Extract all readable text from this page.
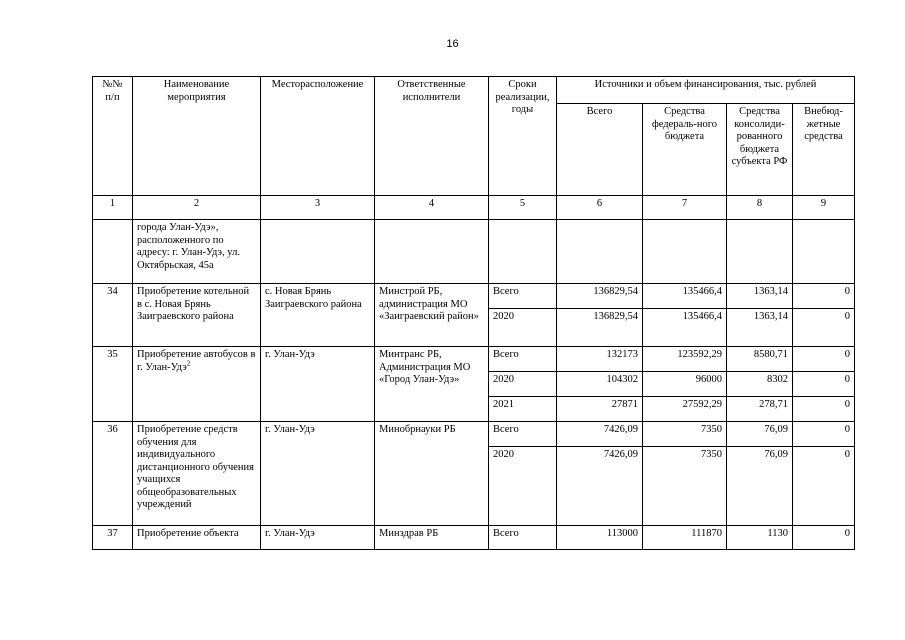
16
№№ п/п	Наименование мероприятия	Месторасположение	Ответственные исполнители	Сроки реализации, годы	Источники и объем финансирования, тыс. рублей			
					Всего	Средства федераль-ного бюджета	Средства консолиди-рованного бюджета субъекта РФ	Внебюд-жетные средства
1	2	3	4	5	6	7	8	9
	города Улан-Удэ», расположенного по адресу: г. Улан-Удэ, ул. Октябрьская, 45а							
34	Приобретение котельной в с. Новая Брянь Заиграевского района	с. Новая Брянь Заиграевского района	Минстрой РБ, администрация МО «Заиграевский район»	Всего	136829,54	135466,4	1363,14	0
				2020	136829,54	135466,4	1363,14	0
35	Приобретение автобусов в г. Улан-Удэ$^2$	г. Улан-Удэ	Минтранс РБ, Администрация МО «Город Улан-Удэ»	Всего	132173	123592,29	8580,71	0
				2020	104302	96000	8302	0
				2021	27871	27592,29	278,71	0
36	Приобретение средств обучения для индивидуального дистанционного обучения учащихся общеобразовательных учреждений	г. Улан-Удэ	Минобрнауки РБ	Всего	7426,09	7350	76,09	0
				2020	7426,09	7350	76,09	0
37	Приобретение объекта	г. Улан-Удэ	Минздрав РБ	Всего	113000	111870	1130	0
